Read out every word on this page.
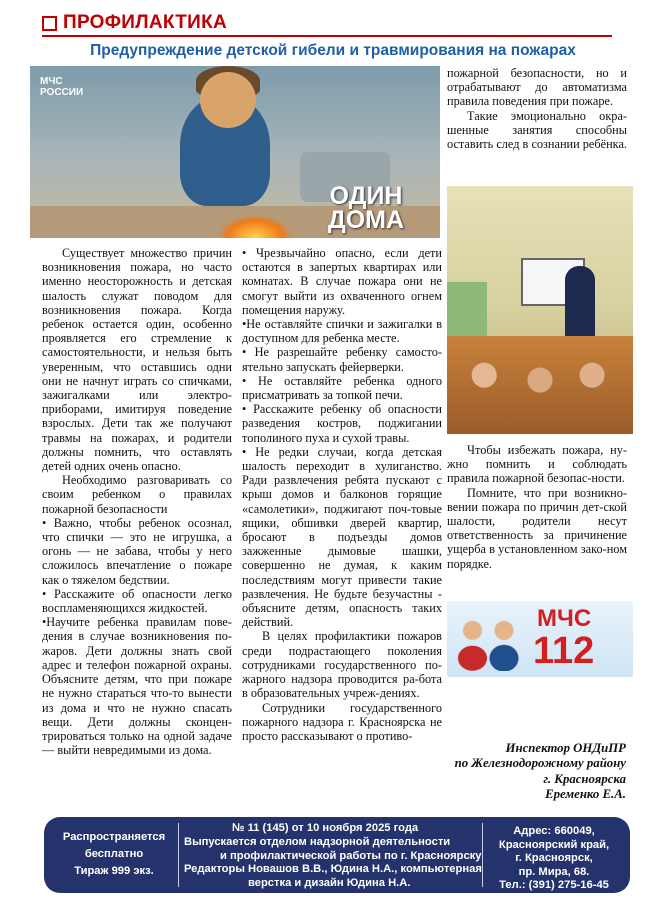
ПРОФИЛАКТИКА
Предупреждение детской гибели и травмирования на пожарах
МЧС
РОССИИ
ОДИН
ДОМА

Существует множество причин возникновения пожара, но часто именно неосторожность и детская шалость служат поводом для возникновения пожара. Когда ребенок остается один, особенно проявляется его стремление к самостоятельности, и нельзя быть уверенным, что оставшись одни они не начнут играть со спичками, зажигалками или электро-приборами, имитируя поведение взрослых. Дети так же получают травмы на пожарах, и родители должны помнить, что оставлять детей одних очень опасно.

Необходимо разговаривать со своим ребенком о правилах пожарной безопасности

• Важно, чтобы ребенок осознал, что спички — это не игрушка, а огонь — не забава, чтобы у него сложилось впечатление о пожаре как о тяжелом бедствии.

• Расскажите об опасности легко воспламеняющихся жидкостей.

•Научите ребенка правилам пове-дения в случае возникновения по-жаров. Дети должны знать свой адрес и телефон пожарной охраны. Объясните детям, что при пожаре не нужно стараться что-то вынести из дома и что не нужно спасать вещи. Дети должны сконцен-трироваться только на одной задаче — выйти невредимыми из дома.

• Чрезвычайно опасно, если дети остаются в запертых квартирах или комнатах. В случае пожара они не смогут выйти из охваченного огнем помещения наружу.

•Не оставляйте спички и зажигалки в доступном для ребенка месте.

• Не разрешайте ребенку самосто-ятельно запускать фейерверки.

• Не оставляйте ребенка одного присматривать за топкой печи.

• Расскажите ребенку об опасности разведения костров, поджигании тополиного пуха и сухой травы.

• Не редки случаи, когда детская шалость переходит в хулиганство. Ради развлечения ребята пускают с крыш домов и балконов горящие «самолетики», поджигают поч-товые ящики, обшивки дверей квартир, бросают в подъезды домов зажженные дымовые шашки, совершенно не думая, к каким последствиям могут привести такие развлечения. Не будьте безучастны - объясните детям, опасность таких действий.

В целях профилактики пожаров среди подрастающего поколения сотрудниками государственного по-жарного надзора проводится ра-бота в образовательных учреж-дениях.

Сотрудники государственного пожарного надзора г. Красноярска не просто рассказывают о противо-

пожарной безопасности, но и отрабатывают до автоматизма правила поведения при пожаре.

Такие эмоционально окра-шенные занятия способны оставить след в сознании ребёнка.

Чтобы избежать пожара, ну-жно помнить и соблюдать правила пожарной безопас-ности.

Помните, что при возникно-вении пожара по причин дет-ской шалости, родители несут ответственность за причинение ущерба в установленном зако-ном порядке.

МЧС
112
Инспектор ОНДиПР
по Железнодорожному району
г. Красноярска
Еременко Е.А.
Распространяется
бесплатно
Тираж 999 экз.
№ 11 (145) от 10 ноября 2025 года
Выпускается отделом надзорной деятельности
и профилактической работы по г. Красноярску
Редакторы Новашов В.В., Юдина Н.А., компьютерная
верстка и дизайн Юдина Н.А.
Адрес: 660049,
Красноярский край,
г. Красноярск,
пр. Мира, 68.
Тел.: (391) 275-16-45
